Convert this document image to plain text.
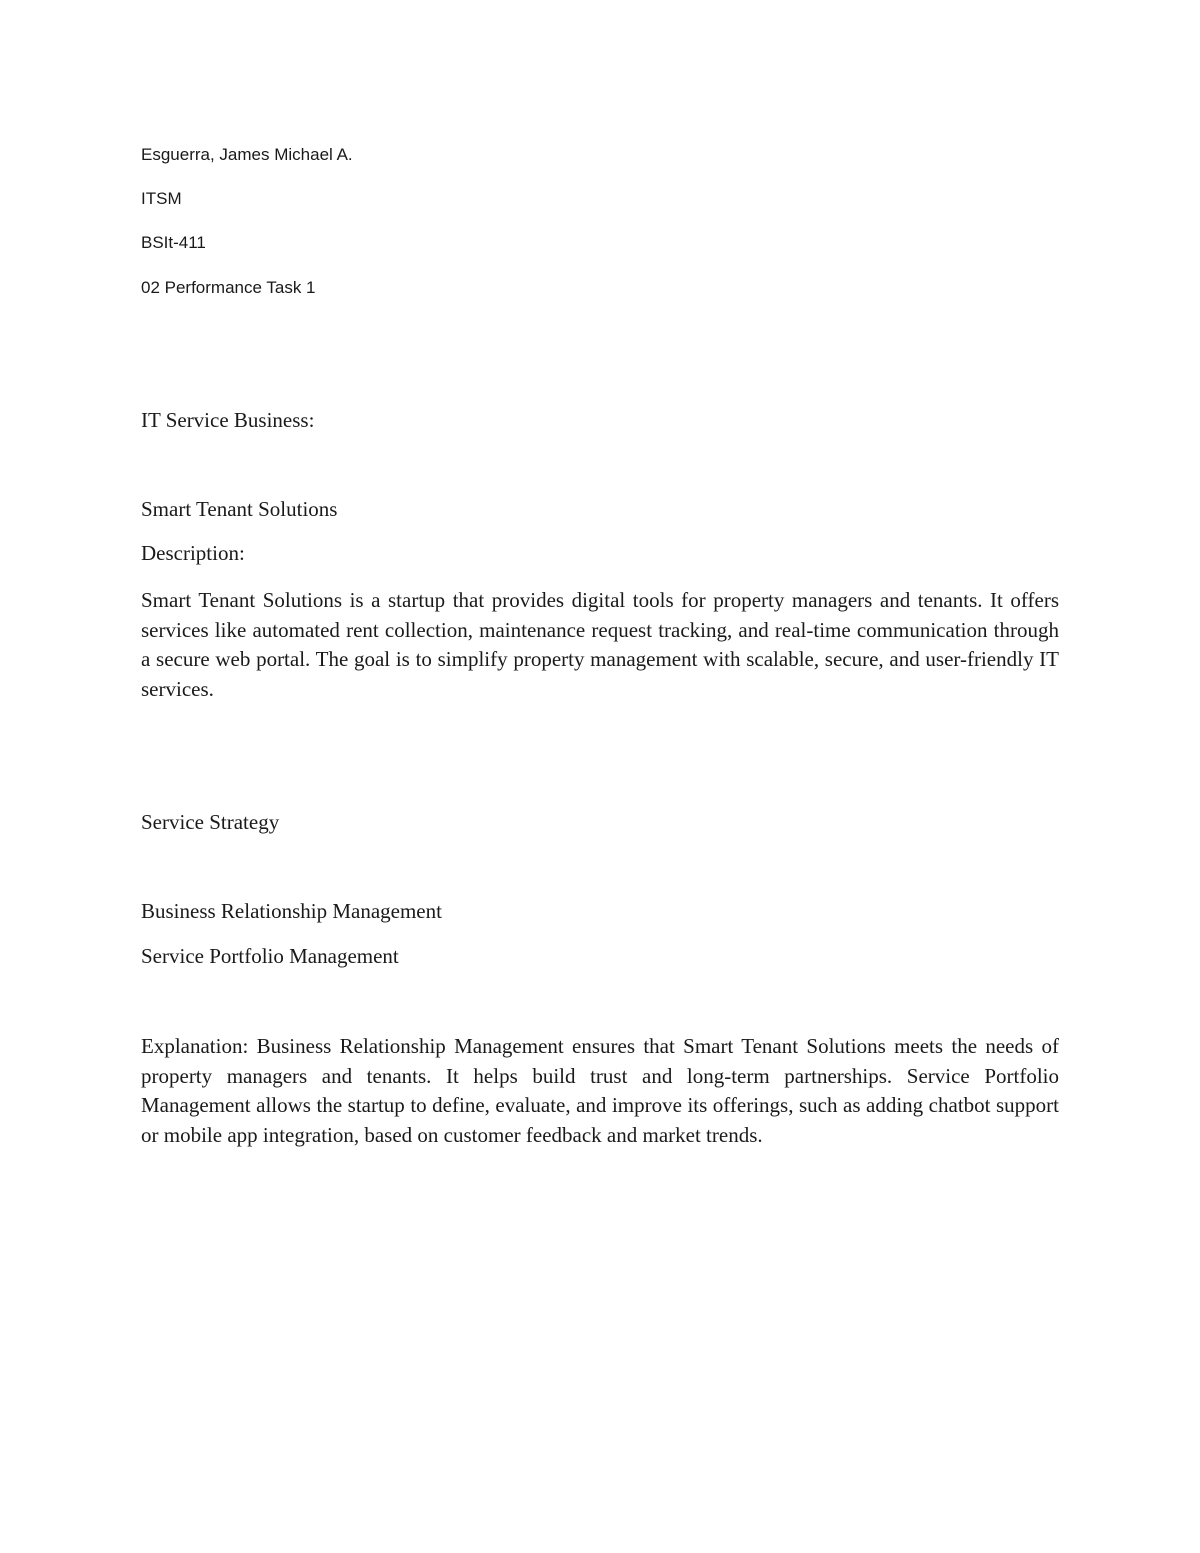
Esguerra, James Michael A.

ITSM

BSIt-411

02 Performance Task 1

IT Service Business:

Smart Tenant Solutions

Description:

Smart Tenant Solutions is a startup that provides digital tools for property managers and tenants. It offers services like automated rent collection, maintenance request tracking, and real-time communication through a secure web portal. The goal is to simplify property management with scalable, secure, and user-friendly IT services.

Service Strategy

Business Relationship Management

Service Portfolio Management

Explanation: Business Relationship Management ensures that Smart Tenant Solutions meets the needs of property managers and tenants. It helps build trust and long-term partnerships. Service Portfolio Management allows the startup to define, evaluate, and improve its offerings, such as adding chatbot support or mobile app integration, based on customer feedback and market trends.
